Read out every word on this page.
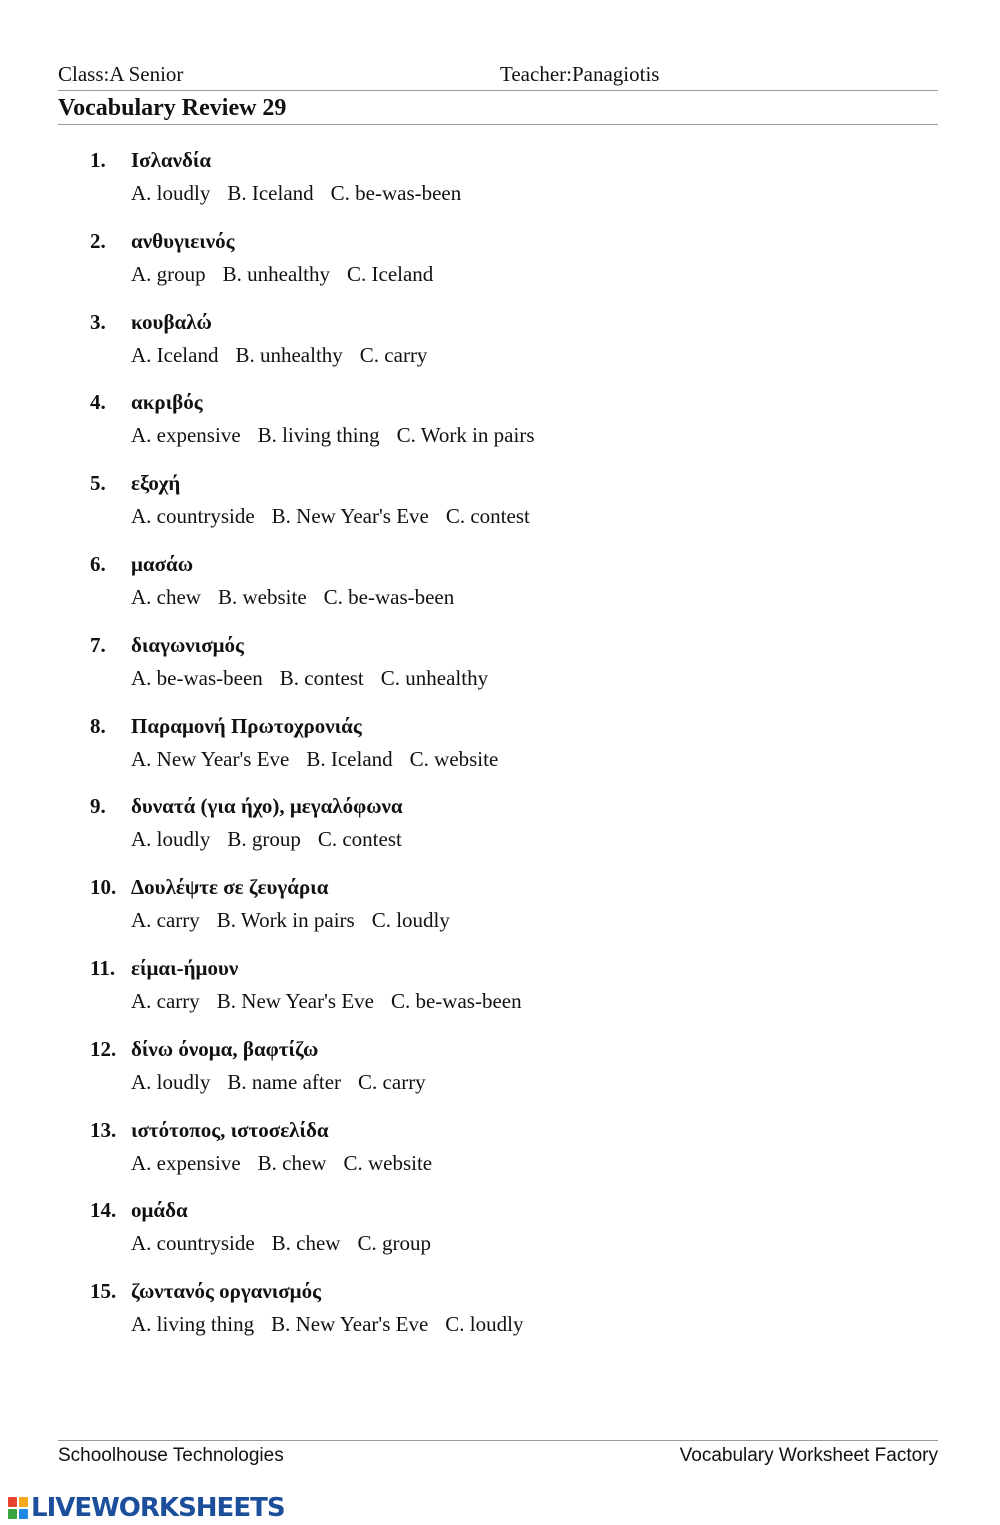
Class:A Senior	Teacher:Panagiotis
Vocabulary Review 29
1. Ισλανδία
A. loudly B. Iceland C. be-was-been
2. ανθυγιεινός
A. group B. unhealthy C. Iceland
3. κουβαλώ
A. Iceland B. unhealthy C. carry
4. ακριβός
A. expensive B. living thing C. Work in pairs
5. εξοχή
A. countryside B. New Year's Eve C. contest
6. μασάω
A. chew B. website C. be-was-been
7. διαγωνισμός
A. be-was-been B. contest C. unhealthy
8. Παραμονή Πρωτοχρονιάς
A. New Year's Eve B. Iceland C. website
9. δυνατά (για ήχο), μεγαλόφωνα
A. loudly B. group C. contest
10. Δουλέψτε σε ζευγάρια
A. carry B. Work in pairs C. loudly
11. είμαι-ήμουν
A. carry B. New Year's Eve C. be-was-been
12. δίνω όνομα, βαφτίζω
A. loudly B. name after C. carry
13. ιστότοπος, ιστοσελίδα
A. expensive B. chew C. website
14. ομάδα
A. countryside B. chew C. group
15. ζωντανός οργανισμός
A. living thing B. New Year's Eve C. loudly
Schoolhouse Technologies	Vocabulary Worksheet Factory
LIVEWORKSHEETS
